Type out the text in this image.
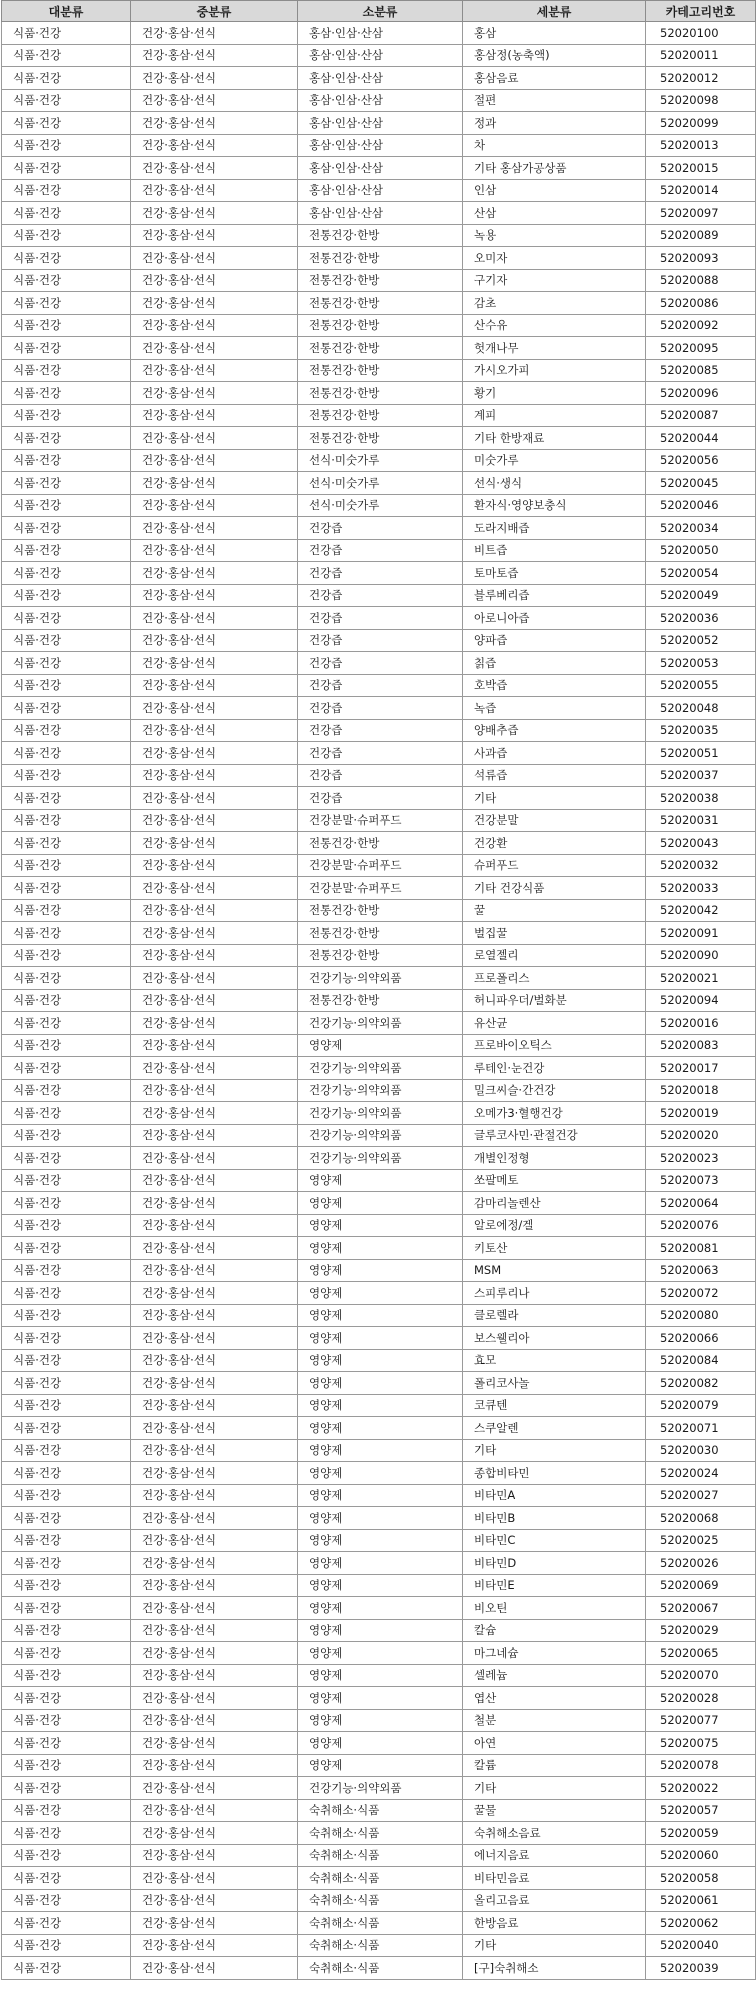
대분류	중분류	소분류	세분류	카테고리번호
식품·건강	건강·홍삼·선식	홍삼·인삼·산삼	홍삼	52020100
식품·건강	건강·홍삼·선식	홍삼·인삼·산삼	홍삼정(농축액)	52020011
식품·건강	건강·홍삼·선식	홍삼·인삼·산삼	홍삼음료	52020012
식품·건강	건강·홍삼·선식	홍삼·인삼·산삼	절편	52020098
식품·건강	건강·홍삼·선식	홍삼·인삼·산삼	정과	52020099
식품·건강	건강·홍삼·선식	홍삼·인삼·산삼	차	52020013
식품·건강	건강·홍삼·선식	홍삼·인삼·산삼	기타 홍삼가공상품	52020015
식품·건강	건강·홍삼·선식	홍삼·인삼·산삼	인삼	52020014
식품·건강	건강·홍삼·선식	홍삼·인삼·산삼	산삼	52020097
식품·건강	건강·홍삼·선식	전통건강·한방	녹용	52020089
식품·건강	건강·홍삼·선식	전통건강·한방	오미자	52020093
식품·건강	건강·홍삼·선식	전통건강·한방	구기자	52020088
식품·건강	건강·홍삼·선식	전통건강·한방	감초	52020086
식품·건강	건강·홍삼·선식	전통건강·한방	산수유	52020092
식품·건강	건강·홍삼·선식	전통건강·한방	헛개나무	52020095
식품·건강	건강·홍삼·선식	전통건강·한방	가시오가피	52020085
식품·건강	건강·홍삼·선식	전통건강·한방	황기	52020096
식품·건강	건강·홍삼·선식	전통건강·한방	계피	52020087
식품·건강	건강·홍삼·선식	전통건강·한방	기타 한방재료	52020044
식품·건강	건강·홍삼·선식	선식·미숫가루	미숫가루	52020056
식품·건강	건강·홍삼·선식	선식·미숫가루	선식·생식	52020045
식품·건강	건강·홍삼·선식	선식·미숫가루	환자식·영양보충식	52020046
식품·건강	건강·홍삼·선식	건강즙	도라지배즙	52020034
식품·건강	건강·홍삼·선식	건강즙	비트즙	52020050
식품·건강	건강·홍삼·선식	건강즙	토마토즙	52020054
식품·건강	건강·홍삼·선식	건강즙	블루베리즙	52020049
식품·건강	건강·홍삼·선식	건강즙	아로니아즙	52020036
식품·건강	건강·홍삼·선식	건강즙	양파즙	52020052
식품·건강	건강·홍삼·선식	건강즙	칡즙	52020053
식품·건강	건강·홍삼·선식	건강즙	호박즙	52020055
식품·건강	건강·홍삼·선식	건강즙	녹즙	52020048
식품·건강	건강·홍삼·선식	건강즙	양배추즙	52020035
식품·건강	건강·홍삼·선식	건강즙	사과즙	52020051
식품·건강	건강·홍삼·선식	건강즙	석류즙	52020037
식품·건강	건강·홍삼·선식	건강즙	기타	52020038
식품·건강	건강·홍삼·선식	건강분말·슈퍼푸드	건강분말	52020031
식품·건강	건강·홍삼·선식	전통건강·한방	건강환	52020043
식품·건강	건강·홍삼·선식	건강분말·슈퍼푸드	슈퍼푸드	52020032
식품·건강	건강·홍삼·선식	건강분말·슈퍼푸드	기타 건강식품	52020033
식품·건강	건강·홍삼·선식	전통건강·한방	꿀	52020042
식품·건강	건강·홍삼·선식	전통건강·한방	벌집꿀	52020091
식품·건강	건강·홍삼·선식	전통건강·한방	로열젤리	52020090
식품·건강	건강·홍삼·선식	건강기능·의약외품	프로폴리스	52020021
식품·건강	건강·홍삼·선식	전통건강·한방	허니파우더/벌화분	52020094
식품·건강	건강·홍삼·선식	건강기능·의약외품	유산균	52020016
식품·건강	건강·홍삼·선식	영양제	프로바이오틱스	52020083
식품·건강	건강·홍삼·선식	건강기능·의약외품	루테인·눈건강	52020017
식품·건강	건강·홍삼·선식	건강기능·의약외품	밀크씨슬·간건강	52020018
식품·건강	건강·홍삼·선식	건강기능·의약외품	오메가3·혈행건강	52020019
식품·건강	건강·홍삼·선식	건강기능·의약외품	글루코사민·관절건강	52020020
식품·건강	건강·홍삼·선식	건강기능·의약외품	개별인정형	52020023
식품·건강	건강·홍삼·선식	영양제	쏘팔메토	52020073
식품·건강	건강·홍삼·선식	영양제	감마리놀렌산	52020064
식품·건강	건강·홍삼·선식	영양제	알로에정/겔	52020076
식품·건강	건강·홍삼·선식	영양제	키토산	52020081
식품·건강	건강·홍삼·선식	영양제	MSM	52020063
식품·건강	건강·홍삼·선식	영양제	스피루리나	52020072
식품·건강	건강·홍삼·선식	영양제	클로렐라	52020080
식품·건강	건강·홍삼·선식	영양제	보스웰리아	52020066
식품·건강	건강·홍삼·선식	영양제	효모	52020084
식품·건강	건강·홍삼·선식	영양제	폴리코사놀	52020082
식품·건강	건강·홍삼·선식	영양제	코큐텐	52020079
식품·건강	건강·홍삼·선식	영양제	스쿠알렌	52020071
식품·건강	건강·홍삼·선식	영양제	기타	52020030
식품·건강	건강·홍삼·선식	영양제	종합비타민	52020024
식품·건강	건강·홍삼·선식	영양제	비타민A	52020027
식품·건강	건강·홍삼·선식	영양제	비타민B	52020068
식품·건강	건강·홍삼·선식	영양제	비타민C	52020025
식품·건강	건강·홍삼·선식	영양제	비타민D	52020026
식품·건강	건강·홍삼·선식	영양제	비타민E	52020069
식품·건강	건강·홍삼·선식	영양제	비오틴	52020067
식품·건강	건강·홍삼·선식	영양제	칼슘	52020029
식품·건강	건강·홍삼·선식	영양제	마그네슘	52020065
식품·건강	건강·홍삼·선식	영양제	셀레늄	52020070
식품·건강	건강·홍삼·선식	영양제	엽산	52020028
식품·건강	건강·홍삼·선식	영양제	철분	52020077
식품·건강	건강·홍삼·선식	영양제	아연	52020075
식품·건강	건강·홍삼·선식	영양제	칼륨	52020078
식품·건강	건강·홍삼·선식	건강기능·의약외품	기타	52020022
식품·건강	건강·홍삼·선식	숙취해소·식품	꿀물	52020057
식품·건강	건강·홍삼·선식	숙취해소·식품	숙취해소음료	52020059
식품·건강	건강·홍삼·선식	숙취해소·식품	에너지음료	52020060
식품·건강	건강·홍삼·선식	숙취해소·식품	비타민음료	52020058
식품·건강	건강·홍삼·선식	숙취해소·식품	올리고음료	52020061
식품·건강	건강·홍삼·선식	숙취해소·식품	한방음료	52020062
식품·건강	건강·홍삼·선식	숙취해소·식품	기타	52020040
식품·건강	건강·홍삼·선식	숙취해소·식품	[구]숙취해소	52020039
